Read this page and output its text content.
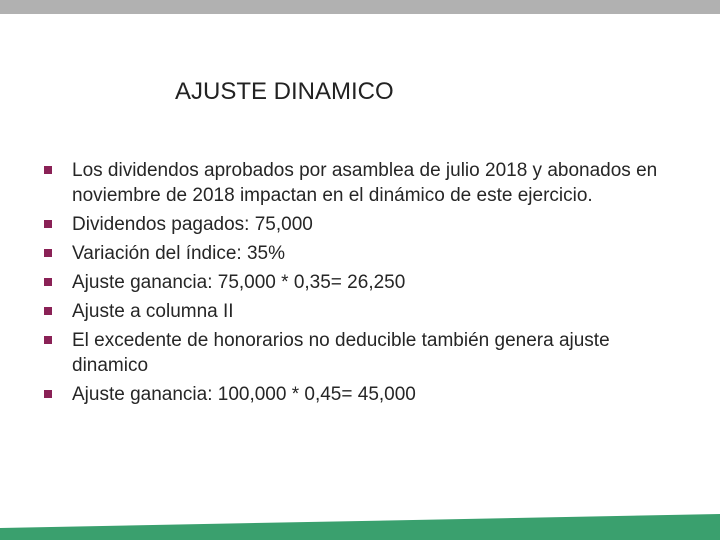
AJUSTE DINAMICO
Los dividendos aprobados por asamblea de julio 2018 y abonados en noviembre de 2018 impactan en el dinámico de este ejercicio.
Dividendos pagados: 75,000
Variación del índice: 35%
Ajuste ganancia: 75,000 * 0,35= 26,250
Ajuste a columna II
El excedente de honorarios no deducible también genera ajuste dinamico
Ajuste ganancia: 100,000 * 0,45= 45,000
